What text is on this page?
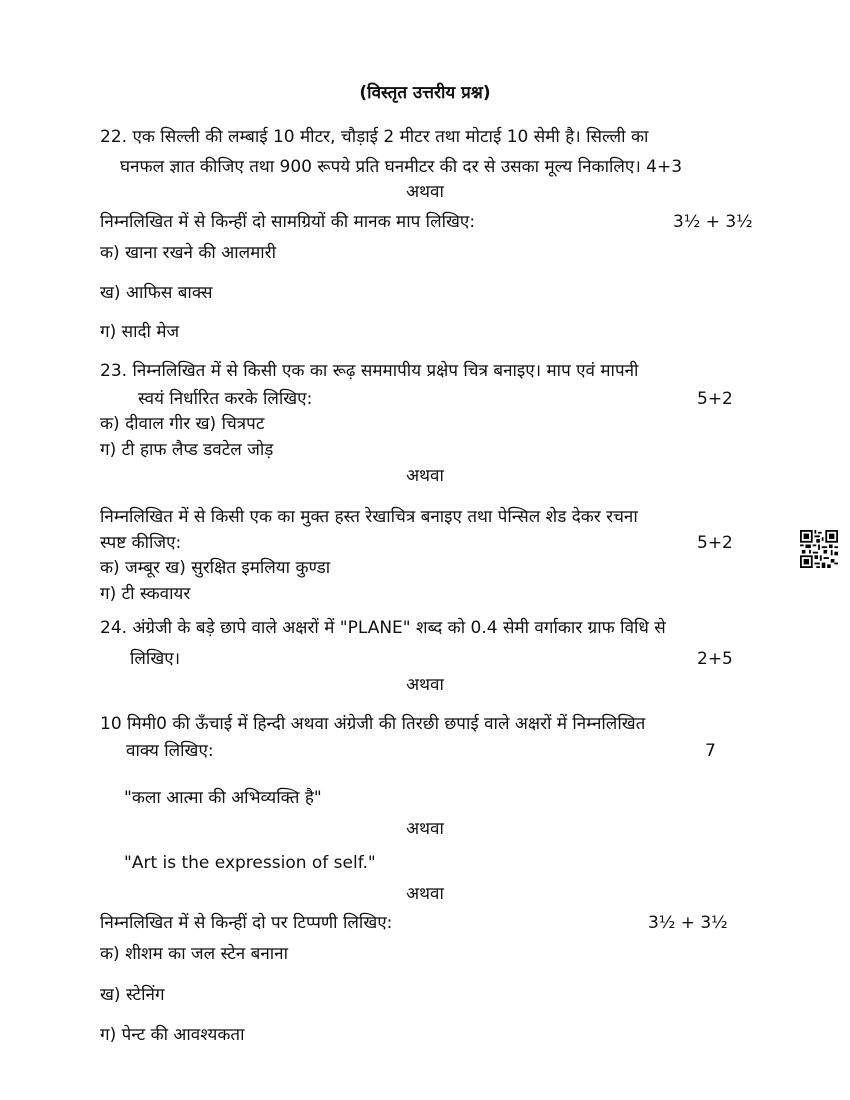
(विस्तृत उत्तरीय प्रश्न)
22. एक सिल्ली की लम्बाई 10 मीटर, चौड़ाई 2 मीटर तथा मोटाई 10 सेमी है। सिल्ली का
घनफल ज्ञात कीजिए तथा 900 रूपये प्रति घनमीटर की दर से उसका मूल्य निकालिए। 4+3
अथवा
निम्नलिखित में से किन्हीं दो सामग्रियों की मानक माप लिखिए:	3½ + 3½
क) खाना रखने की आलमारी
ख) आफिस बाक्स
ग) सादी मेज
23. निम्नलिखित में से किसी एक का रूढ़ सममापीय प्रक्षेप चित्र बनाइए। माप एवं मापनी
स्वयं निर्धारित करके लिखिए:	5+2
क) दीवाल गीर ख) चित्रपट
ग) टी हाफ लैप्ड डवटेल जोड़
अथवा
निम्नलिखित में से किसी एक का मुक्त हस्त रेखाचित्र बनाइए तथा पेन्सिल शेड देकर रचना
स्पष्ट कीजिए:	5+2
क) जम्बूर ख) सुरक्षित इमलिया कुण्डा
ग) टी स्कवायर
24. अंग्रेजी के बड़े छापे वाले अक्षरों में "PLANE" शब्द को 0.4 सेमी वर्गाकार ग्राफ विधि से
लिखिए।	2+5
अथवा
10 मिमी0 की ऊँचाई में हिन्दी अथवा अंग्रेजी की तिरछी छपाई वाले अक्षरों में निम्नलिखित
वाक्य लिखिए:	7
"कला आत्मा की अभिव्यक्ति है"
अथवा
"Art is the expression of self."
अथवा
निम्नलिखित में से किन्हीं दो पर टिप्पणी लिखिए:	3½ + 3½
क) शीशम का जल स्टेन बनाना
ख) स्टेनिंग
ग) पेन्ट की आवश्यकता
